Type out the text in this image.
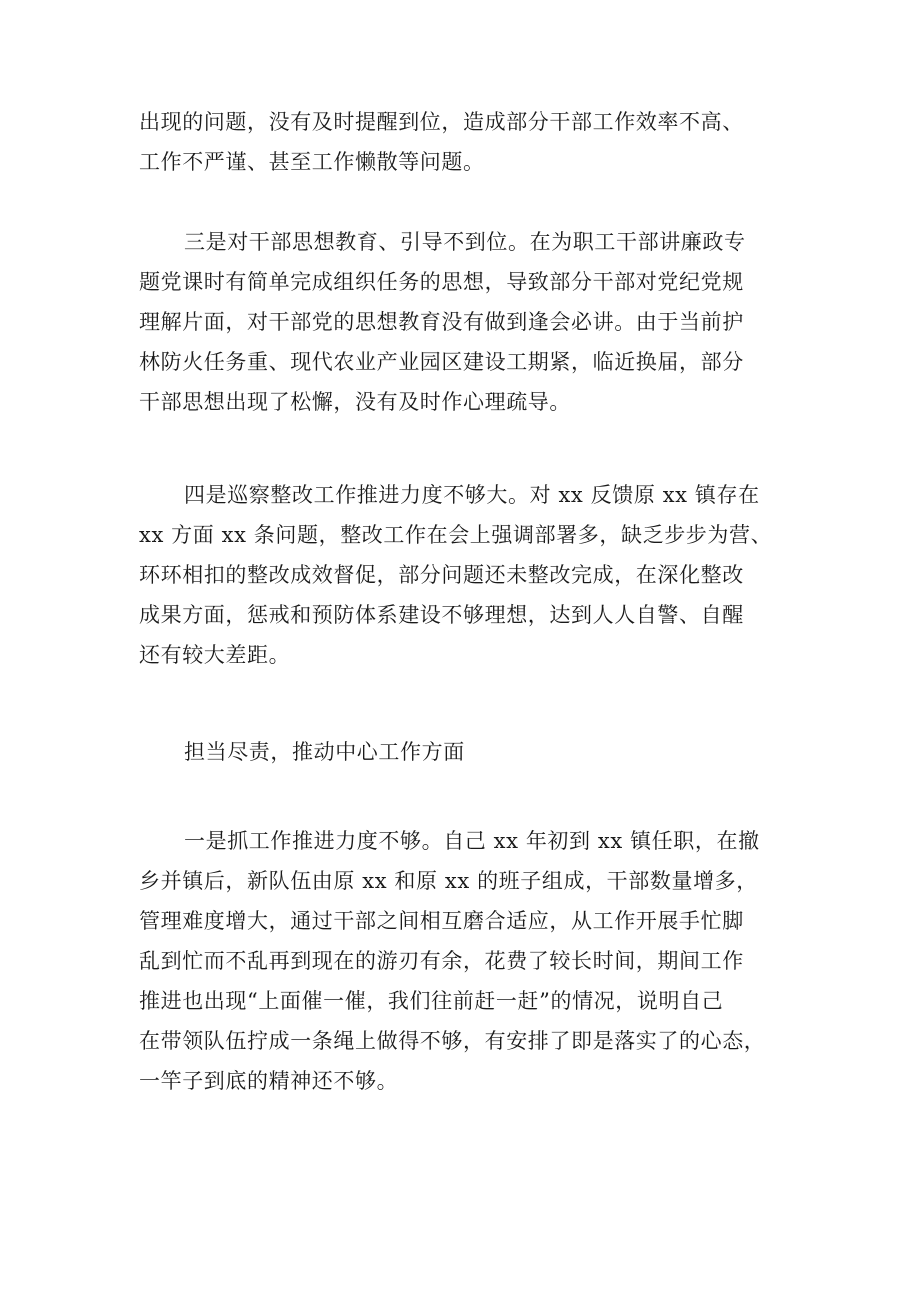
出现的问题，没有及时提醒到位，造成部分干部工作效率不高、
工作不严谨、甚至工作懒散等问题。
三是对干部思想教育、引导不到位。在为职工干部讲廉政专
题党课时有简单完成组织任务的思想，导致部分干部对党纪党规
理解片面，对干部党的思想教育没有做到逢会必讲。由于当前护
林防火任务重、现代农业产业园区建设工期紧，临近换届，部分
干部思想出现了松懈，没有及时作心理疏导。
四是巡察整改工作推进力度不够大。对 xx 反馈原 xx 镇存在
xx 方面 xx 条问题，整改工作在会上强调部署多，缺乏步步为营、
环环相扣的整改成效督促，部分问题还未整改完成，在深化整改
成果方面，惩戒和预防体系建设不够理想，达到人人自警、自醒
还有较大差距。
担当尽责，推动中心工作方面
一是抓工作推进力度不够。自己 xx 年初到 xx 镇任职，在撤
乡并镇后，新队伍由原 xx 和原 xx 的班子组成，干部数量增多，
管理难度增大，通过干部之间相互磨合适应，从工作开展手忙脚
乱到忙而不乱再到现在的游刃有余，花费了较长时间，期间工作
推进也出现“上面催一催，我们往前赶一赶”的情况，说明自己
在带领队伍拧成一条绳上做得不够，有安排了即是落实了的心态，
一竿子到底的精神还不够。
